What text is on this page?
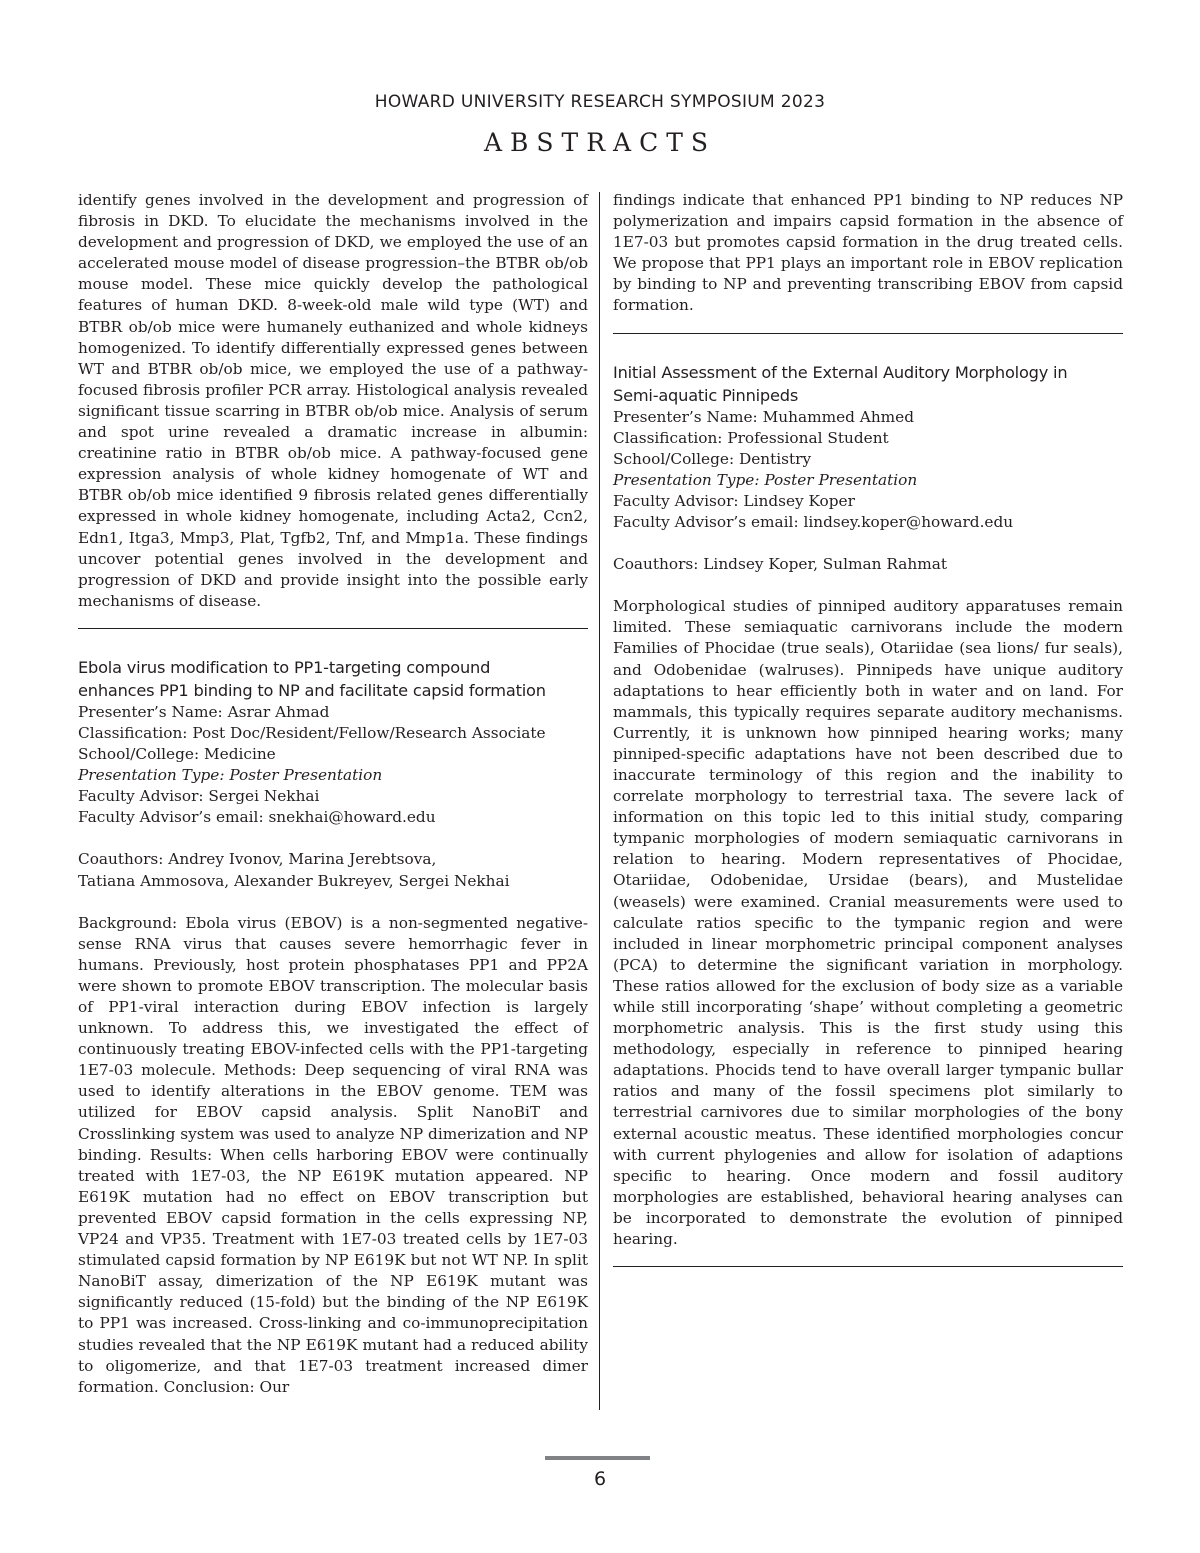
HOWARD UNIVERSITY RESEARCH SYMPOSIUM 2023
ABSTRACTS

identify genes involved in the development and progression of fibrosis in DKD. To elucidate the mechanisms involved in the development and progression of DKD, we employed the use of an accelerated mouse model of disease progression–the BTBR ob/ob mouse model. These mice quickly develop the pathological features of human DKD. 8-week-old male wild type (WT) and BTBR ob/ob mice were humanely euthanized and whole kidneys homogenized. To identify differentially expressed genes between WT and BTBR ob/ob mice, we employed the use of a pathway-focused fibrosis profiler PCR array. Histological analysis revealed significant tissue scarring in BTBR ob/ob mice. Analysis of serum and spot urine revealed a dramatic increase in albumin: creatinine ratio in BTBR ob/ob mice. A pathway-focused gene expression analysis of whole kidney homogenate of WT and BTBR ob/ob mice identified 9 fibrosis related genes differentially expressed in whole kidney homogenate, including Acta2, Ccn2, Edn1, Itga3, Mmp3, Plat, Tgfb2, Tnf, and Mmp1a. These findings uncover potential genes involved in the development and progression of DKD and provide insight into the possible early mechanisms of disease.

Ebola virus modification to PP1-targeting compound
enhances PP1 binding to NP and facilitate capsid formation
Presenter’s Name: Asrar Ahmad
Classification: Post Doc/Resident/Fellow/Research Associate
School/College: Medicine
Presentation Type: Poster Presentation
Faculty Advisor: Sergei Nekhai
Faculty Advisor’s email: snekhai@howard.edu
Coauthors: Andrey Ivonov, Marina Jerebtsova,
Tatiana Ammosova, Alexander Bukreyev, Sergei Nekhai

Background: Ebola virus (EBOV) is a non-segmented negative-sense RNA virus that causes severe hemorrhagic fever in humans. Previously, host protein phosphatases PP1 and PP2A were shown to promote EBOV transcription. The molecular basis of PP1-viral interaction during EBOV infection is largely unknown. To address this, we investigated the effect of continuously treating EBOV-infected cells with the PP1-targeting 1E7-03 molecule. Methods: Deep sequencing of viral RNA was used to identify alterations in the EBOV genome. TEM was utilized for EBOV capsid analysis. Split NanoBiT and Crosslinking system was used to analyze NP dimerization and NP binding. Results: When cells harboring EBOV were continually treated with 1E7-03, the NP E619K mutation appeared. NP E619K mutation had no effect on EBOV transcription but prevented EBOV capsid formation in the cells expressing NP, VP24 and VP35. Treatment with 1E7-03 treated cells by 1E7-03 stimulated capsid formation by NP E619K but not WT NP. In split NanoBiT assay, dimerization of the NP E619K mutant was significantly reduced (15-fold) but the binding of the NP E619K to PP1 was increased. Cross-linking and co-immunoprecipitation studies revealed that the NP E619K mutant had a reduced ability to oligomerize, and that 1E7-03 treatment increased dimer formation. Conclusion: Our

findings indicate that enhanced PP1 binding to NP reduces NP polymerization and impairs capsid formation in the absence of 1E7-03 but promotes capsid formation in the drug treated cells. We propose that PP1 plays an important role in EBOV replication by binding to NP and preventing transcribing EBOV from capsid formation.

Initial Assessment of the External Auditory Morphology in
Semi-aquatic Pinnipeds
Presenter’s Name: Muhammed Ahmed
Classification: Professional Student
School/College: Dentistry
Presentation Type: Poster Presentation
Faculty Advisor: Lindsey Koper
Faculty Advisor’s email: lindsey.koper@howard.edu
Coauthors: Lindsey Koper, Sulman Rahmat

Morphological studies of pinniped auditory apparatuses remain limited. These semiaquatic carnivorans include the modern Families of Phocidae (true seals), Otariidae (sea lions/ fur seals), and Odobenidae (walruses). Pinnipeds have unique auditory adaptations to hear efficiently both in water and on land. For mammals, this typically requires separate auditory mechanisms. Currently, it is unknown how pinniped hearing works; many pinniped-specific adaptations have not been described due to inaccurate terminology of this region and the inability to correlate morphology to terrestrial taxa. The severe lack of information on this topic led to this initial study, comparing tympanic morphologies of modern semiaquatic carnivorans in relation to hearing. Modern representatives of Phocidae, Otariidae, Odobenidae, Ursidae (bears), and Mustelidae (weasels) were examined. Cranial measurements were used to calculate ratios specific to the tympanic region and were included in linear morphometric principal component analyses (PCA) to determine the significant variation in morphology. These ratios allowed for the exclusion of body size as a variable while still incorporating ‘shape’ without completing a geometric morphometric analysis. This is the first study using this methodology, especially in reference to pinniped hearing adaptations. Phocids tend to have overall larger tympanic bullar ratios and many of the fossil specimens plot similarly to terrestrial carnivores due to similar morphologies of the bony external acoustic meatus. These identified morphologies concur with current phylogenies and allow for isolation of adaptions specific to hearing. Once modern and fossil auditory morphologies are established, behavioral hearing analyses can be incorporated to demonstrate the evolution of pinniped hearing.

6
